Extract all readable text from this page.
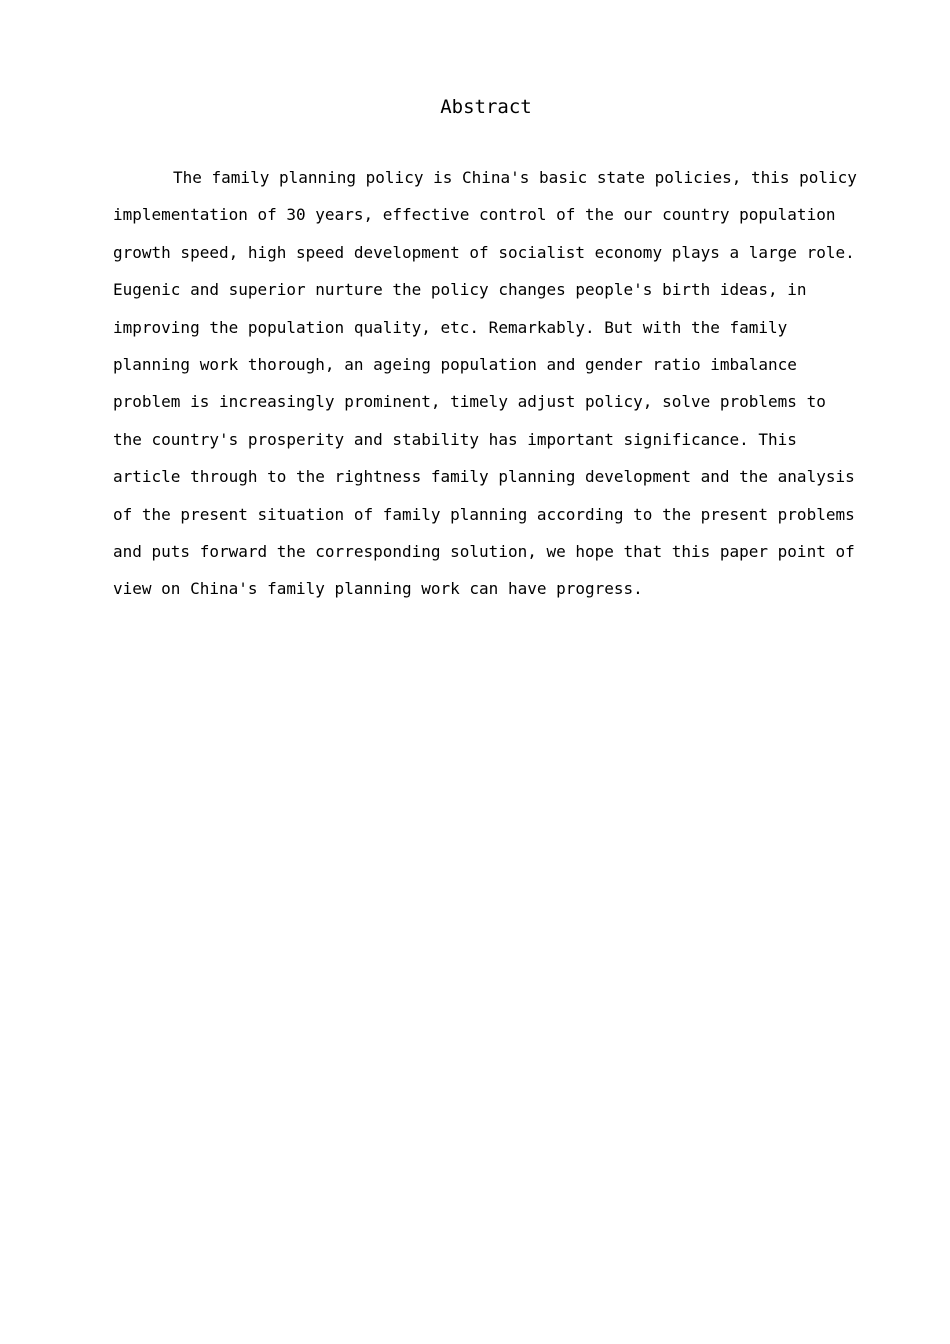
Abstract
The family planning policy is China's basic state policies, this policy
implementation of 30 years, effective control of the our country population
growth speed, high speed development of socialist economy plays a large role.
Eugenic and superior nurture the policy changes people's birth ideas, in
improving the population quality, etc. Remarkably. But with the family
planning work thorough, an ageing population and gender ratio imbalance
problem is increasingly prominent, timely adjust policy, solve problems to
the country's prosperity and stability has important significance. This
article through to the rightness family planning development and the analysis
of the present situation of family planning according to the present problems
and puts forward the corresponding solution, we hope that this paper point of
view on China's family planning work can have progress.
